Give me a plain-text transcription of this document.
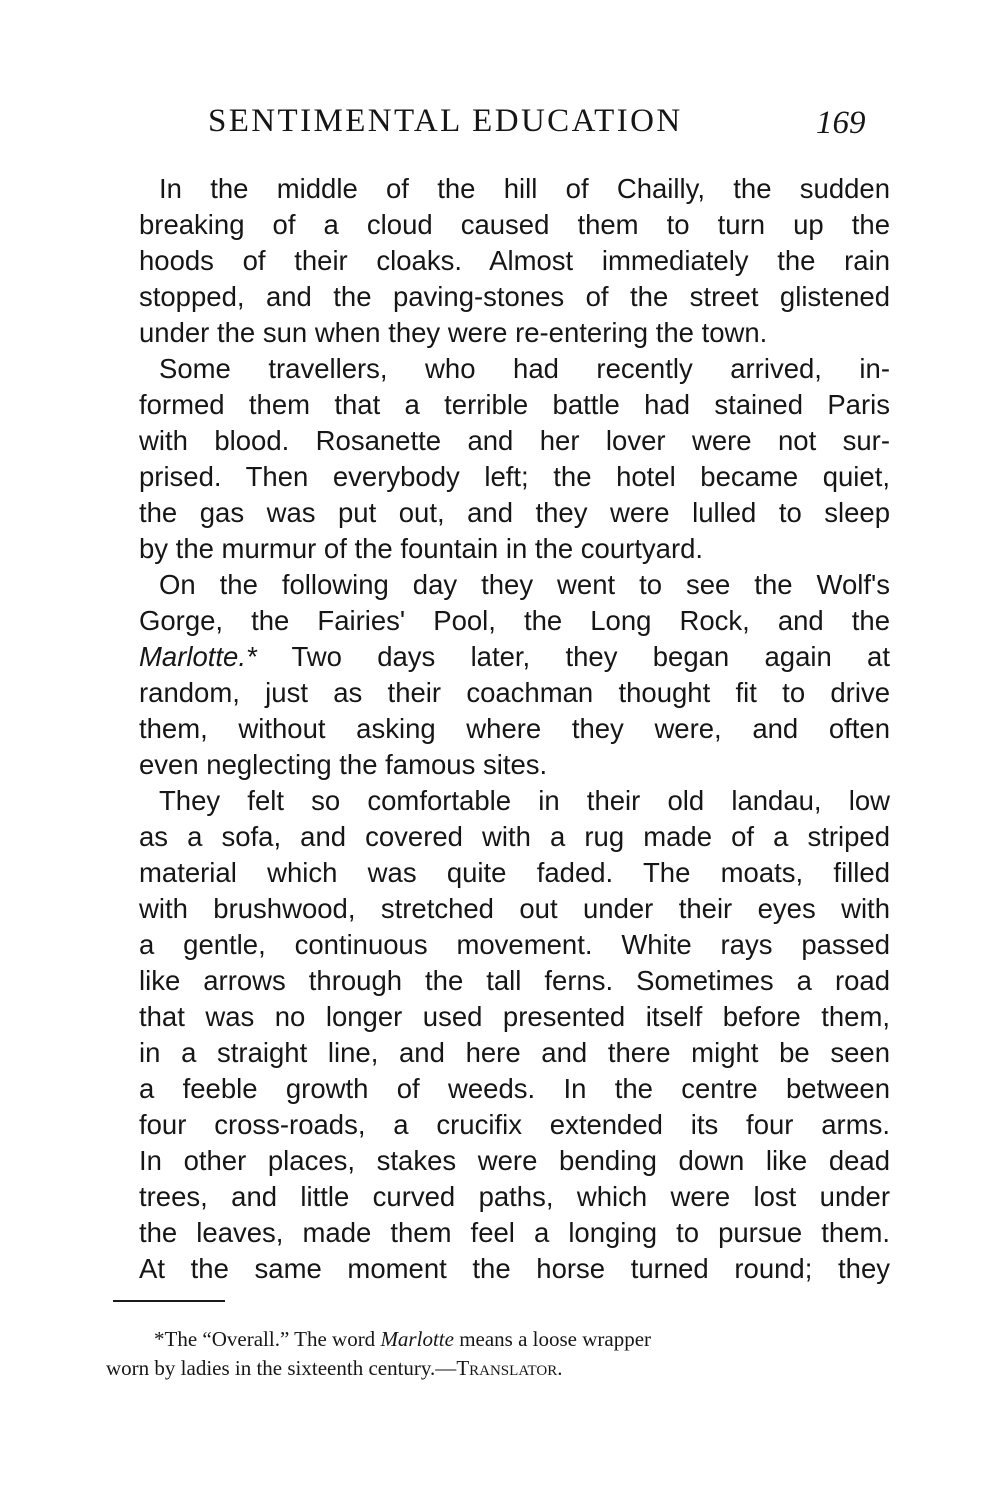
SENTIMENTAL EDUCATION	169
In the middle of the hill of Chailly, the sudden
breaking of a cloud caused them to turn up the
hoods of their cloaks. Almost immediately the rain
stopped, and the paving-stones of the street glistened
under the sun when they were re-entering the town.
Some travellers, who had recently arrived, in-
formed them that a terrible battle had stained Paris
with blood. Rosanette and her lover were not sur-
prised. Then everybody left; the hotel became quiet,
the gas was put out, and they were lulled to sleep
by the murmur of the fountain in the courtyard.
On the following day they went to see the Wolf's
Gorge, the Fairies' Pool, the Long Rock, and the
Marlotte.* Two days later, they began again at
random, just as their coachman thought fit to drive
them, without asking where they were, and often
even neglecting the famous sites.
They felt so comfortable in their old landau, low
as a sofa, and covered with a rug made of a striped
material which was quite faded. The moats, filled
with brushwood, stretched out under their eyes with
a gentle, continuous movement. White rays passed
like arrows through the tall ferns. Sometimes a road
that was no longer used presented itself before them,
in a straight line, and here and there might be seen
a feeble growth of weeds. In the centre between
four cross-roads, a crucifix extended its four arms.
In other places, stakes were bending down like dead
trees, and little curved paths, which were lost under
the leaves, made them feel a longing to pursue them.
At the same moment the horse turned round; they
*The “Overall.” The word Marlotte means a loose wrapper
worn by ladies in the sixteenth century.—Translator.
